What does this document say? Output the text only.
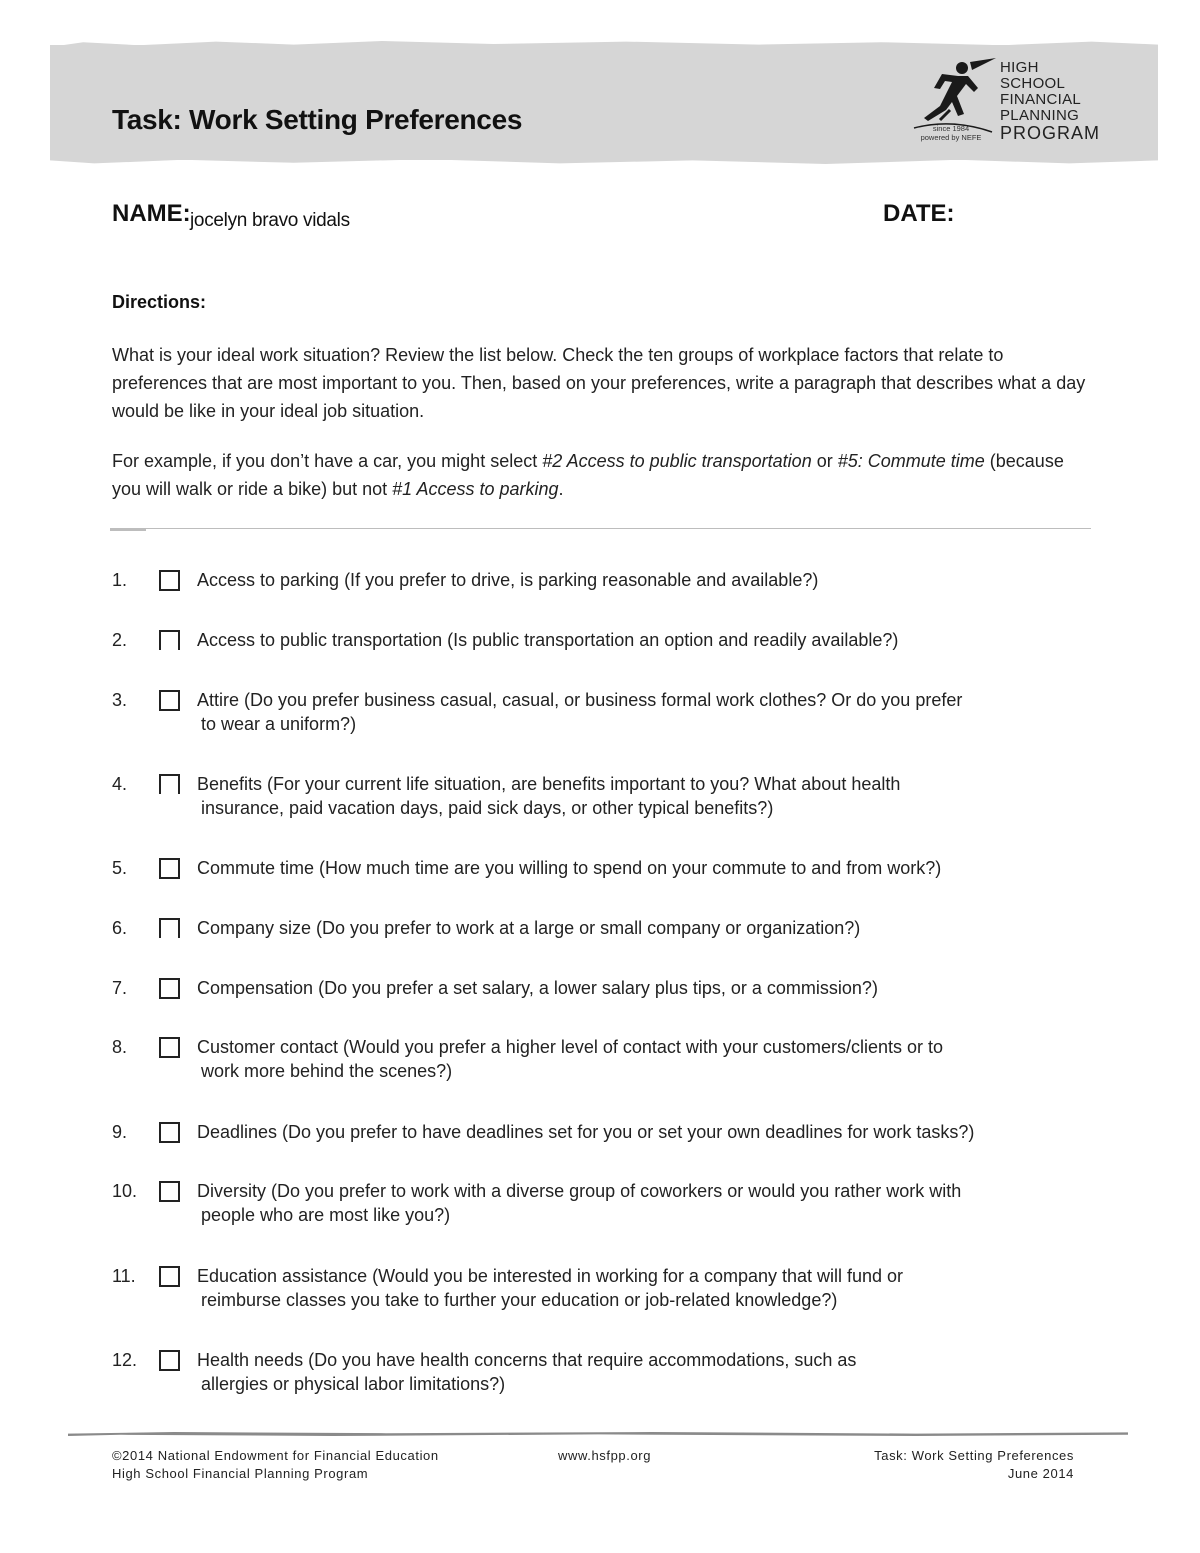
Task: Work Setting Preferences	since 1984
powered by NEFE
HIGH
SCHOOL
FINANCIAL
PLANNING
PROGRAM
NAME: jocelyn bravo vidals	DATE:
Directions:
What is your ideal work situation? Review the list below. Check the ten groups of workplace factors that relate to preferences that are most important to you. Then, based on your preferences, write a paragraph that describes what a day would be like in your ideal job situation.
For example, if you don’t have a car, you might select #2 Access to public transportation or #5: Commute time (because you will walk or ride a bike) but not #1 Access to parking.
1.	Access to parking (If you prefer to drive, is parking reasonable and available?)
2.	Access to public transportation (Is public transportation an option and readily available?)
3.	Attire (Do you prefer business casual, casual, or business formal work clothes? Or do you prefer
to wear a uniform?)
4.	Benefits (For your current life situation, are benefits important to you? What about health
insurance, paid vacation days, paid sick days, or other typical benefits?)
5.	Commute time (How much time are you willing to spend on your commute to and from work?)
6.	Company size (Do you prefer to work at a large or small company or organization?)
7.	Compensation (Do you prefer a set salary, a lower salary plus tips, or a commission?)
8.	Customer contact (Would you prefer a higher level of contact with your customers/clients or to
work more behind the scenes?)
9.	Deadlines (Do you prefer to have deadlines set for you or set your own deadlines for work tasks?)
10.	Diversity (Do you prefer to work with a diverse group of coworkers or would you rather work with
people who are most like you?)
11.	Education assistance (Would you be interested in working for a company that will fund or
reimburse classes you take to further your education or job-related knowledge?)
12.	Health needs (Do you have health concerns that require accommodations, such as
allergies or physical labor limitations?)
©2014 National Endowment for Financial Education
High School Financial Planning Program
www.hsfpp.org	Task: Work Setting Preferences
June 2014
